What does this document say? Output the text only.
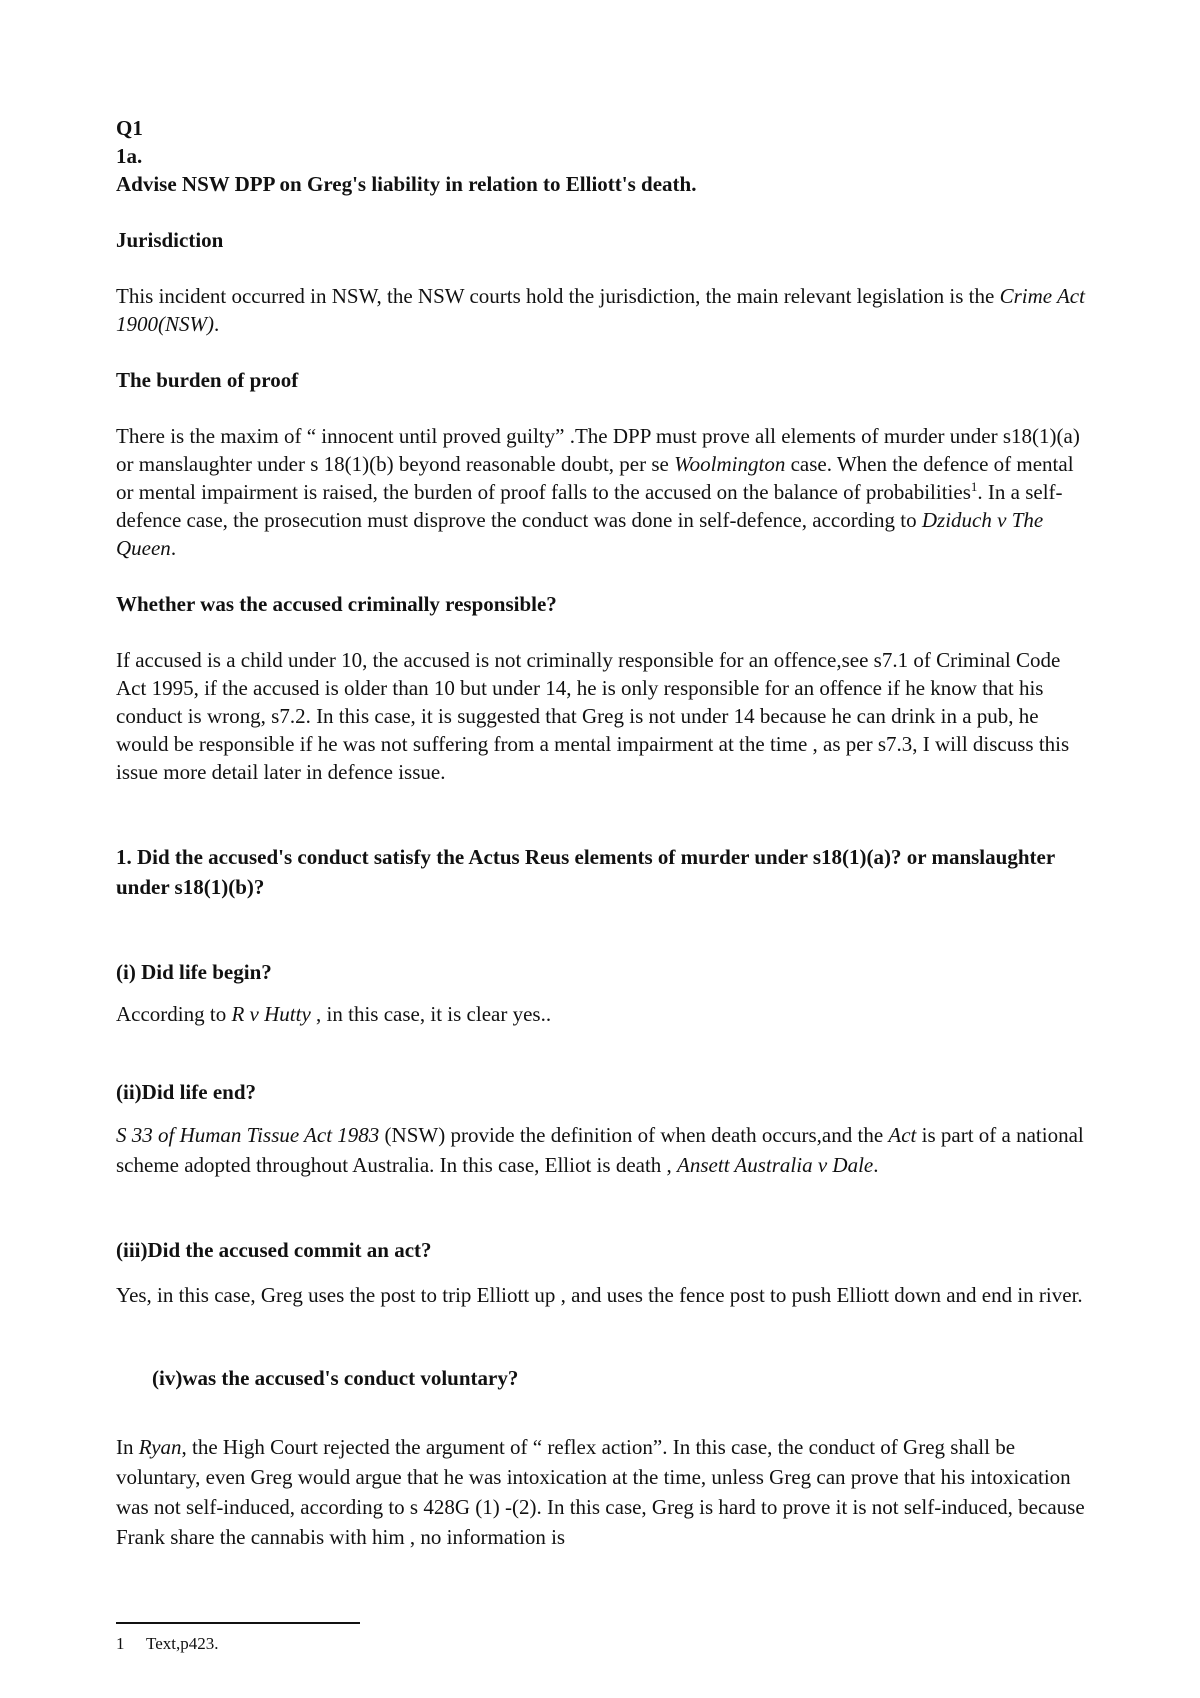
Q1
1a.
Advise NSW DPP on Greg's liability in relation to Elliott's death.
Jurisdiction

This incident occurred in NSW, the NSW courts hold the jurisdiction, the main relevant legislation is the Crime Act 1900(NSW).

The burden of proof

There is the maxim of “ innocent until proved guilty” .The DPP must prove all elements of murder under s18(1)(a) or manslaughter under s 18(1)(b) beyond reasonable doubt, per se Woolmington case. When the defence of mental or mental impairment is raised, the burden of proof falls to the accused on the balance of probabilities$^1$. In a self-defence case, the prosecution must disprove the conduct was done in self-defence, according to Dziduch v The Queen.

Whether was the accused criminally responsible?

If accused is a child under 10, the accused is not criminally responsible for an offence,see s7.1 of Criminal Code Act 1995, if the accused is older than 10 but under 14, he is only responsible for an offence if he know that his conduct is wrong, s7.2. In this case, it is suggested that Greg is not under 14 because he can drink in a pub, he would be responsible if he was not suffering from a mental impairment at the time , as per s7.3, I will discuss this issue more detail later in defence issue.

1. Did the accused's conduct satisfy the Actus Reus elements of murder under s18(1)(a)? or manslaughter under s18(1)(b)?

(i) Did life begin?

According to R v Hutty , in this case, it is clear yes..

(ii)Did life end?

S 33 of Human Tissue Act 1983 (NSW) provide the definition of when death occurs,and the Act is part of a national scheme adopted throughout Australia. In this case, Elliot is death , Ansett Australia v Dale.

(iii)Did the accused commit an act?

Yes, in this case, Greg uses the post to trip Elliott up , and uses the fence post to push Elliott down and end in river.

(iv)was the accused's conduct voluntary?

In Ryan, the High Court rejected the argument of “ reflex action”. In this case, the conduct of Greg shall be voluntary, even Greg would argue that he was intoxication at the time, unless Greg can prove that his intoxication was not self-induced, according to s 428G (1) -(2). In this case, Greg is hard to prove it is not self-induced, because Frank share the cannabis with him , no information is

1 Text,p423.
